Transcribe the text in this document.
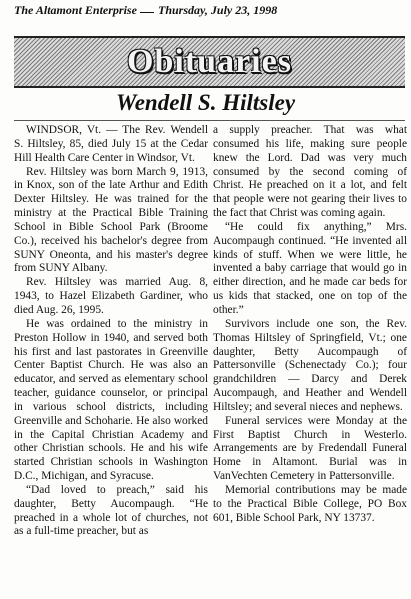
The Altamont Enterprise Thursday, July 23, 1998
Obituaries
Wendell S. Hiltsley

WINDSOR, Vt. — The Rev. Wendell S. Hiltsley, 85, died July 15 at the Cedar Hill Health Care Center in Windsor, Vt.

Rev. Hiltsley was born March 9, 1913, in Knox, son of the late Arthur and Edith Dexter Hiltsley. He was trained for the ministry at the Practical Bible Training School in Bible School Park (Broome Co.), received his bachelor's degree from SUNY Oneonta, and his master's degree from SUNY Albany.

Rev. Hiltsley was married Aug. 8, 1943, to Hazel Elizabeth Gardiner, who died Aug. 26, 1995.

He was ordained to the ministry in Preston Hollow in 1940, and served both his first and last pastorates in Greenville Center Baptist Church. He was also an educator, and served as elementary school teacher, guidance counselor, or principal in various school districts, including Greenville and Schoharie. He also worked in the Capital Christian Academy and other Christian schools. He and his wife started Christian schools in Washington D.C., Michigan, and Syracuse.

“Dad loved to preach,” said his daughter, Betty Aucompaugh. “He preached in a whole lot of churches, not as a full-time preacher, but as

a supply preacher. That was what consumed his life, making sure people knew the Lord. Dad was very much consumed by the second coming of Christ. He preached on it a lot, and felt that people were not gearing their lives to the fact that Christ was coming again.

“He could fix anything,” Mrs. Aucompaugh continued. “He invented all kinds of stuff. When we were little, he invented a baby carriage that would go in either direction, and he made car beds for us kids that stacked, one on top of the other.”

Survivors include one son, the Rev. Thomas Hiltsley of Springfield, Vt.; one daughter, Betty Aucompaugh of Pattersonville (Schenectady Co.); four grandchildren — Darcy and Derek Aucompaugh, and Heather and Wendell Hiltsley; and several nieces and nephews.

Funeral services were Monday at the First Baptist Church in Westerlo. Arrangements are by Fredendall Funeral Home in Altamont. Burial was in VanVechten Cemetery in Pattersonville.

Memorial contributions may be made to the Practical Bible College, PO Box 601, Bible School Park, NY 13737.
